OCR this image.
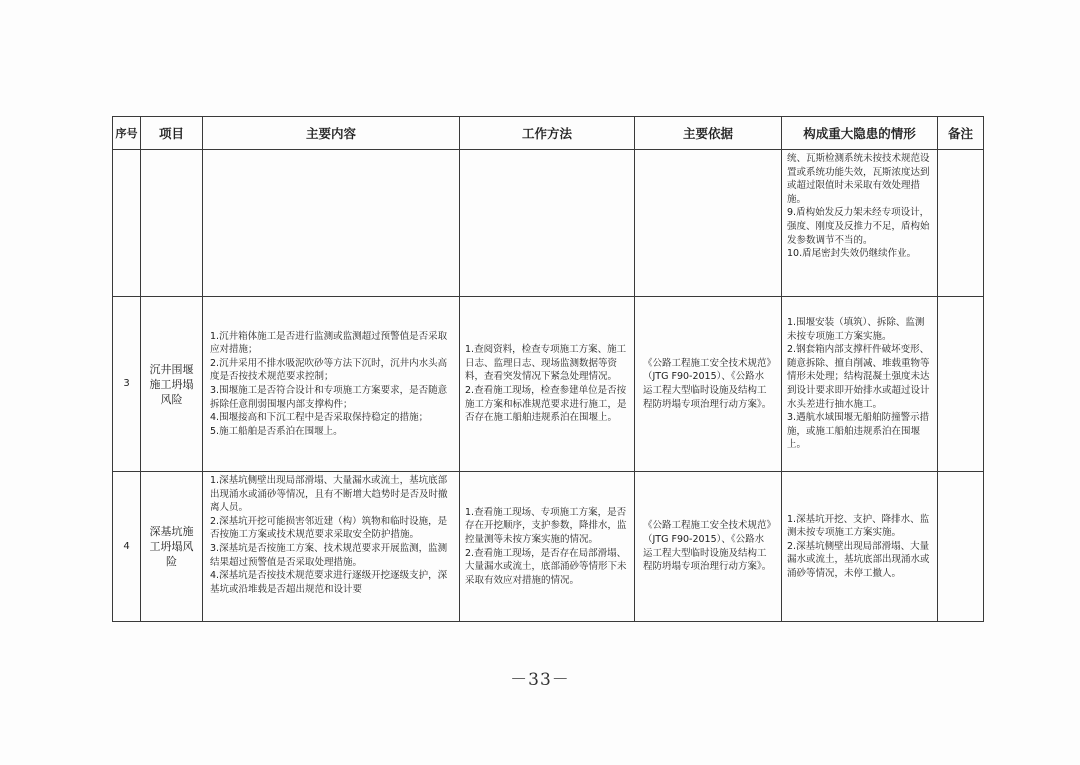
序号	项目	主要内容	工作方法	主要依据	构成重大隐患的情形	备注

					统、瓦斯检测系统未按技术规范设置或系统功能失效，瓦斯浓度达到或超过限值时未采取有效处理措施。
9.盾构始发反力架未经专项设计，强度、刚度及反推力不足，盾构始发参数调节不当的。
10.盾尾密封失效仍继续作业。	

3	沉井围堰施工坍塌风险	1.沉井箱体施工是否进行监测或监测超过预警值是否采取应对措施；
2.沉井采用不排水吸泥吹砂等方法下沉时，沉井内水头高度是否按技术规范要求控制；
3.围堰施工是否符合设计和专项施工方案要求，是否随意拆除任意削弱围堰内部支撑构件；
4.围堰接高和下沉工程中是否采取保持稳定的措施；
5.施工船舶是否系泊在围堰上。	1.查阅资料，检查专项施工方案、施工日志、监理日志、现场监测数据等资料，查看突发情况下紧急处理情况。
2.查看施工现场，检查参建单位是否按施工方案和标准规范要求进行施工，是否存在施工船舶违规系泊在围堰上。	《公路工程施工安全技术规范》（JTG F90-2015）、《公路水运工程大型临时设施及结构工程防坍塌专项治理行动方案》。	1.围堰安装（填筑）、拆除、监测未按专项施工方案实施。
2.钢套箱内部支撑杆件破坏变形、随意拆除、擅自削减、堆载重物等情形未处理；结构混凝土强度未达到设计要求即开始排水或超过设计水头差进行抽水施工。
3.遇航水域围堰无船舶防撞警示措施，或施工船舶违规系泊在围堰上。	

4	深基坑施工坍塌风险	1.深基坑侧壁出现局部滑塌、大量漏水或流土，基坑底部出现涌水或涌砂等情况，且有不断增大趋势时是否及时撤离人员。
2.深基坑开挖可能损害邻近建（构）筑物和临时设施，是否按施工方案或技术规范要求采取安全防护措施。
3.深基坑是否按施工方案、技术规范要求开展监测，监测结果超过预警值是否采取处理措施。
4.深基坑是否按技术规范要求进行逐级开挖逐级支护，深基坑或沿堆载是否超出规范和设计要	1.查看施工现场、专项施工方案，是否存在开挖顺序，支护参数，降排水，监控量测等未按方案实施的情况。
2.查看施工现场，是否存在局部滑塌、大量漏水或流土，底部涌砂等情形下未采取有效应对措施的情况。	《公路工程施工安全技术规范》（JTG F90-2015）、《公路水运工程大型临时设施及结构工程防坍塌专项治理行动方案》。	1.深基坑开挖、支护、降排水、监测未按专项施工方案实施。
2.深基坑侧壁出现局部滑塌、大量漏水或流土，基坑底部出现涌水或涌砂等情况，未停工撤人。	

－33－
